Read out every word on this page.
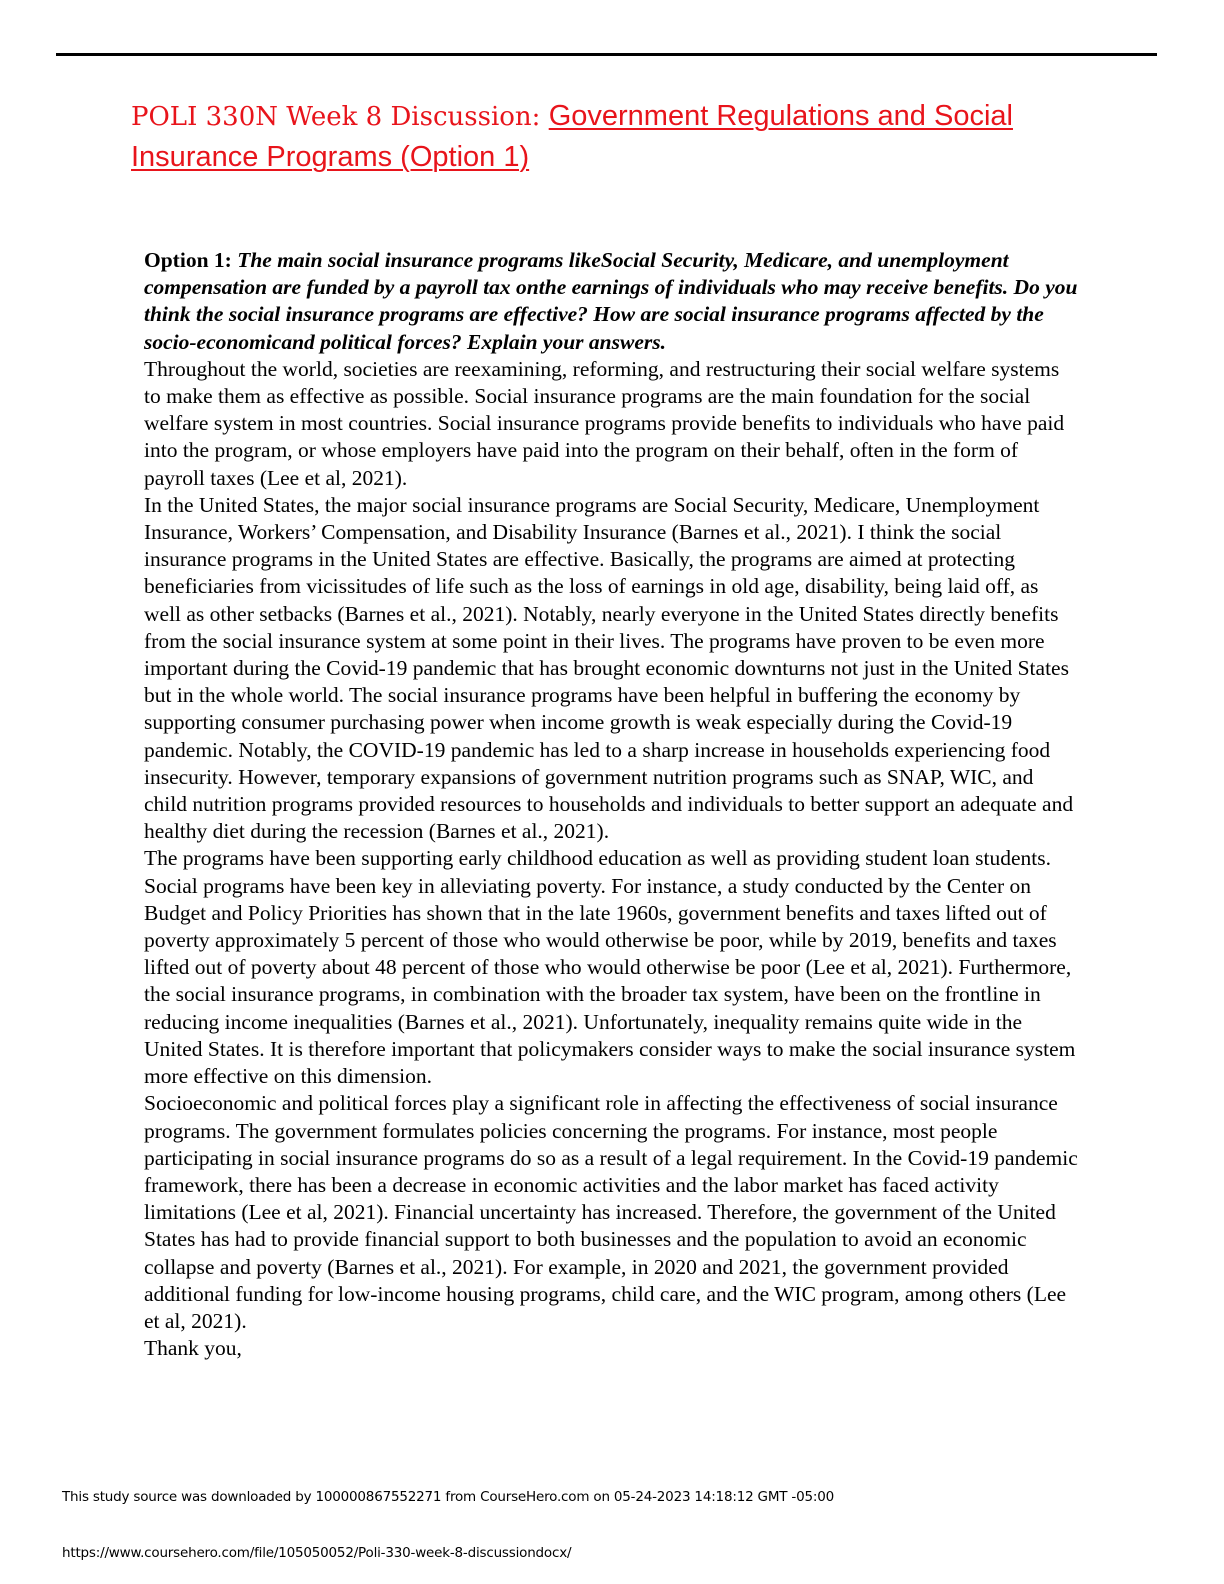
POLI 330N Week 8 Discussion: Government Regulations and Social Insurance Programs (Option 1)

Option 1: The main social insurance programs likeSocial Security, Medicare, and unemployment compensation are funded by a payroll tax onthe earnings of individuals who may receive benefits. Do you think the social insurance programs are effective? How are social insurance programs affected by the socio-economicand political forces? Explain your answers.

Throughout the world, societies are reexamining, reforming, and restructuring their social welfare systems to make them as effective as possible. Social insurance programs are the main foundation for the social welfare system in most countries. Social insurance programs provide benefits to individuals who have paid into the program, or whose employers have paid into the program on their behalf, often in the form of payroll taxes (Lee et al, 2021).

In the United States, the major social insurance programs are Social Security, Medicare, Unemployment Insurance, Workers’ Compensation, and Disability Insurance (Barnes et al., 2021). I think the social insurance programs in the United States are effective. Basically, the programs are aimed at protecting beneficiaries from vicissitudes of life such as the loss of earnings in old age, disability, being laid off, as well as other setbacks (Barnes et al., 2021). Notably, nearly everyone in the United States directly benefits from the social insurance system at some point in their lives. The programs have proven to be even more important during the Covid-19 pandemic that has brought economic downturns not just in the United States but in the whole world. The social insurance programs have been helpful in buffering the economy by supporting consumer purchasing power when income growth is weak especially during the Covid-19 pandemic. Notably, the COVID-19 pandemic has led to a sharp increase in households experiencing food insecurity. However, temporary expansions of government nutrition programs such as SNAP, WIC, and child nutrition programs provided resources to households and individuals to better support an adequate and healthy diet during the recession (Barnes et al., 2021).

The programs have been supporting early childhood education as well as providing student loan students. Social programs have been key in alleviating poverty. For instance, a study conducted by the Center on Budget and Policy Priorities has shown that in the late 1960s, government benefits and taxes lifted out of poverty approximately 5 percent of those who would otherwise be poor, while by 2019, benefits and taxes lifted out of poverty about 48 percent of those who would otherwise be poor (Lee et al, 2021). Furthermore, the social insurance programs, in combination with the broader tax system, have been on the frontline in reducing income inequalities (Barnes et al., 2021). Unfortunately, inequality remains quite wide in the United States. It is therefore important that policymakers consider ways to make the social insurance system more effective on this dimension.

Socioeconomic and political forces play a significant role in affecting the effectiveness of social insurance programs. The government formulates policies concerning the programs. For instance, most people participating in social insurance programs do so as a result of a legal requirement. In the Covid-19 pandemic framework, there has been a decrease in economic activities and the labor market has faced activity limitations (Lee et al, 2021). Financial uncertainty has increased. Therefore, the government of the United States has had to provide financial support to both businesses and the population to avoid an economic collapse and poverty (Barnes et al., 2021). For example, in 2020 and 2021, the government provided additional funding for low-income housing programs, child care, and the WIC program, among others (Lee et al, 2021).

Thank you,

This study source was downloaded by 100000867552271 from CourseHero.com on 05-24-2023 14:18:12 GMT -05:00
https://www.coursehero.com/file/105050052/Poli-330-week-8-discussiondocx/
